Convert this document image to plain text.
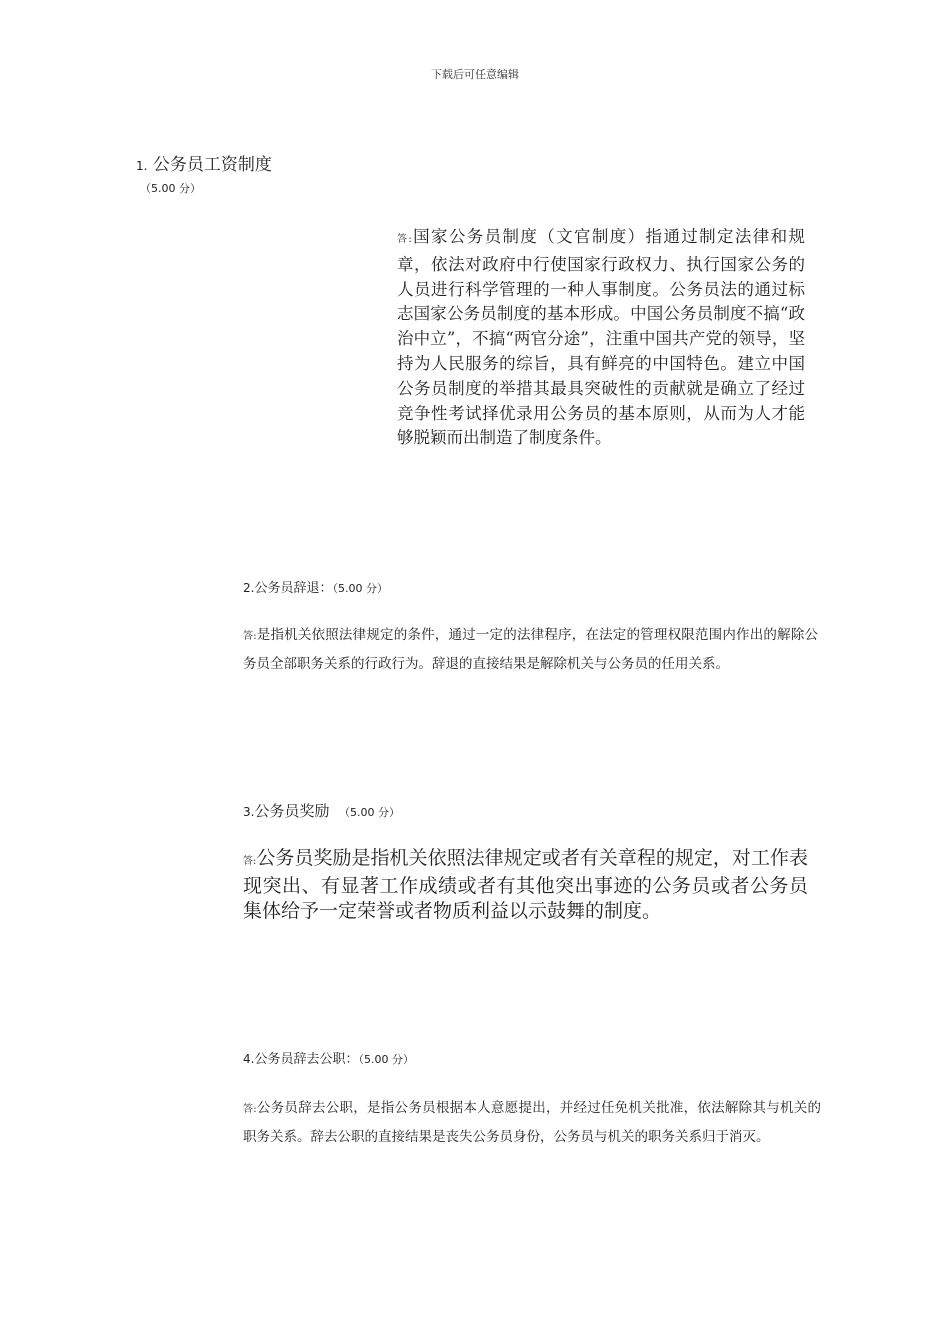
下载后可任意编辑
1. 公务员工资制度
（5.00 分）
答:国家公务员制度（文官制度）指通过制定法律和规章，依法对政府中行使国家行政权力、执行国家公务的人员进行科学管理的一种人事制度。公务员法的通过标志国家公务员制度的基本形成。中国公务员制度不搞“政治中立”，不搞“两官分途”，注重中国共产党的领导，坚持为人民服务的综旨，具有鲜亮的中国特色。建立中国公务员制度的举措其最具突破性的贡献就是确立了经过竞争性考试择优录用公务员的基本原则，从而为人才能够脱颖而出制造了制度条件。
2.公务员辞退：（5.00 分）
答:是指机关依照法律规定的条件，通过一定的法律程序，在法定的管理权限范围内作出的解除公务员全部职务关系的行政行为。辞退的直接结果是解除机关与公务员的任用关系。
3.公务员奖励 （5.00 分）
答:公务员奖励是指机关依照法律规定或者有关章程的规定，对工作表现突出、有显著工作成绩或者有其他突出事迹的公务员或者公务员集体给予一定荣誉或者物质利益以示鼓舞的制度。
4.公务员辞去公职：（5.00 分）
答:公务员辞去公职，是指公务员根据本人意愿提出，并经过任免机关批准，依法解除其与机关的职务关系。辞去公职的直接结果是丧失公务员身份，公务员与机关的职务关系归于消灭。
